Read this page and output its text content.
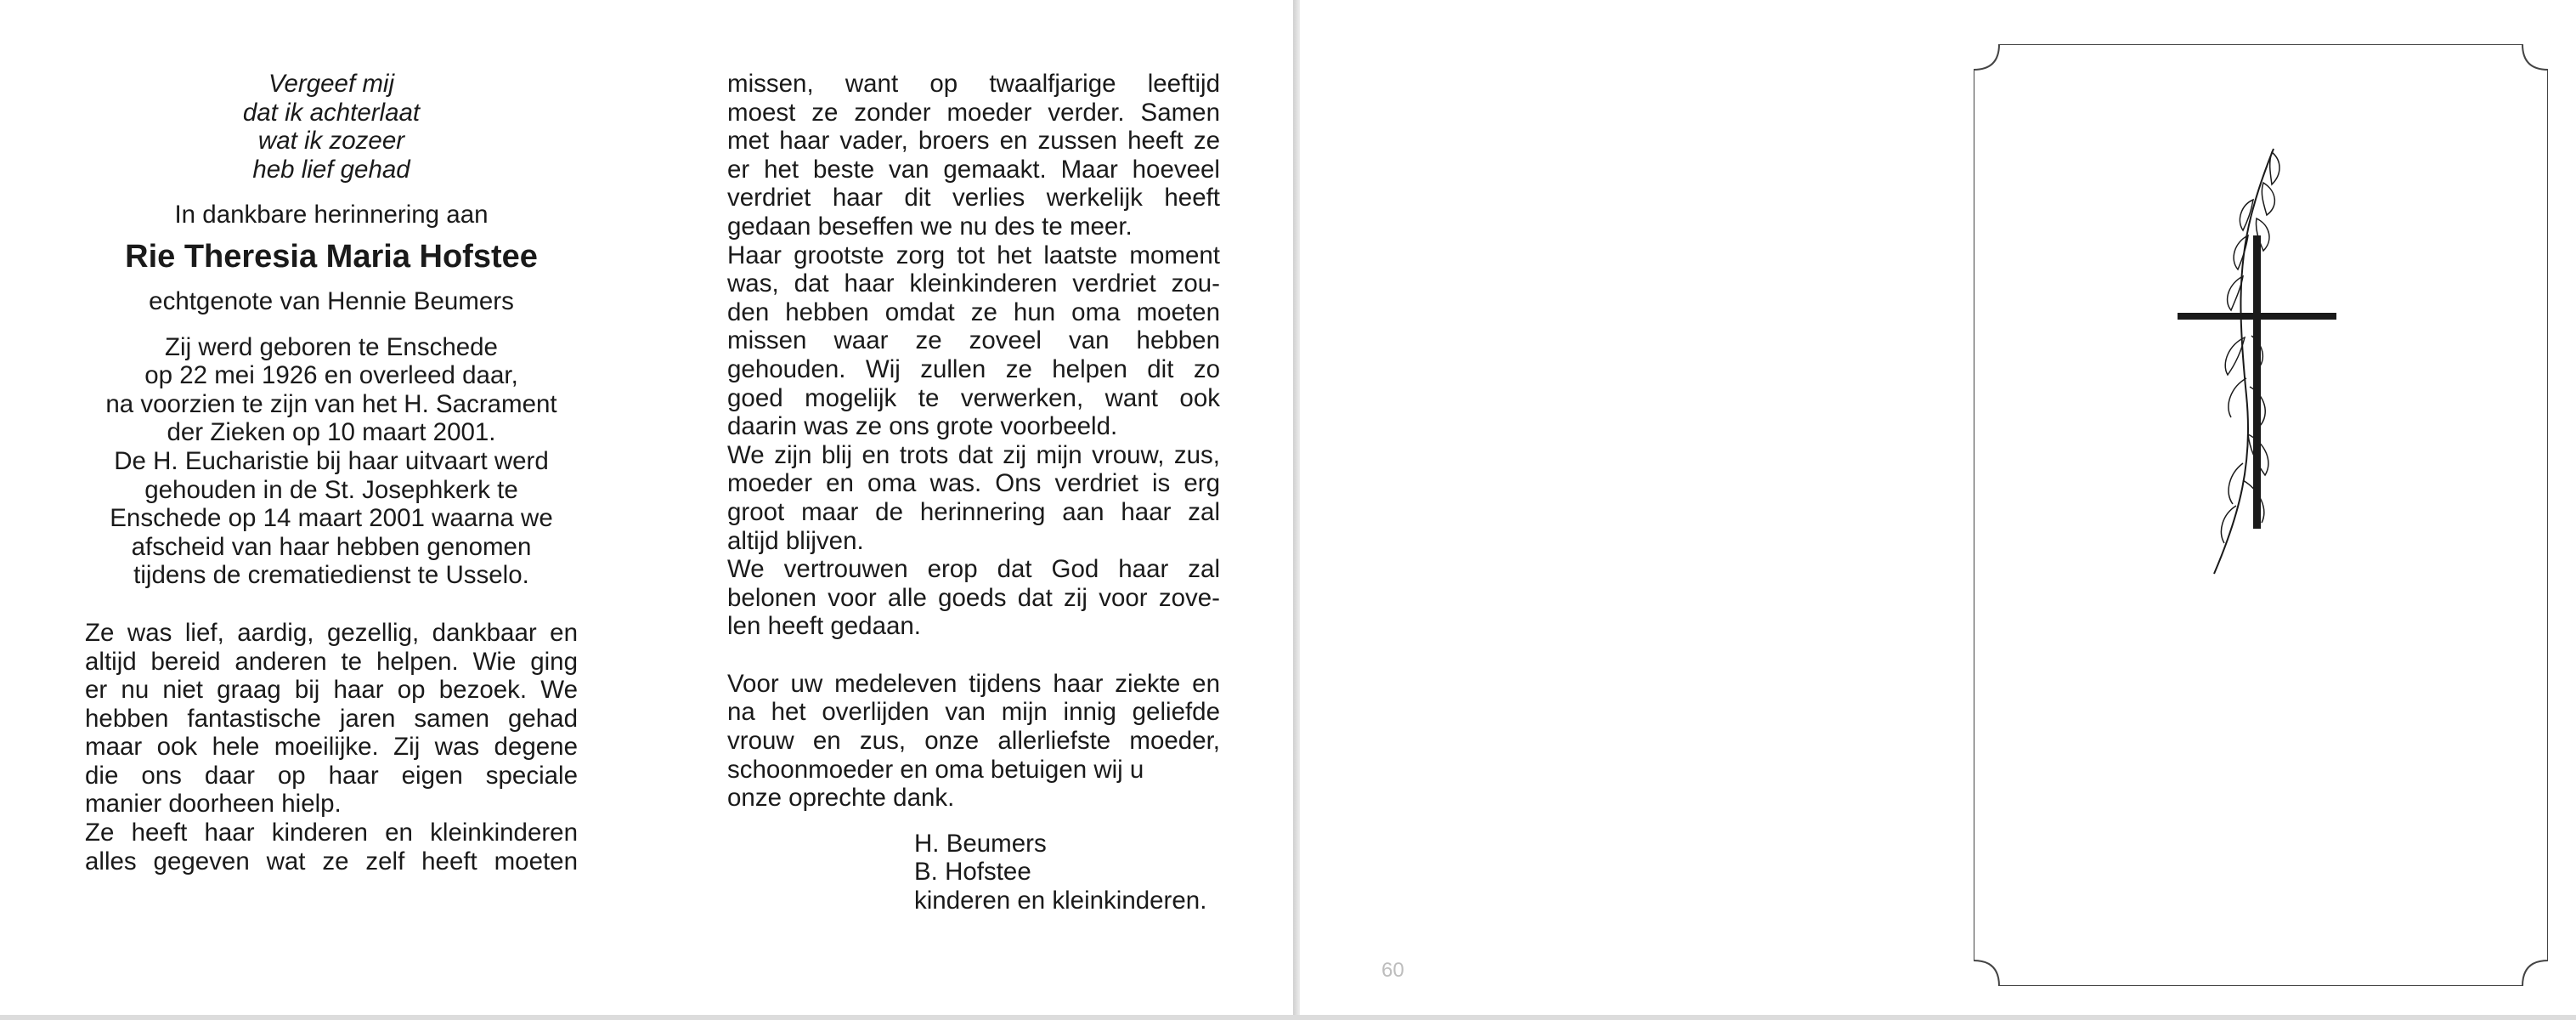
Vergeef mij
dat ik achterlaat
wat ik zozeer
heb lief gehad
In dankbare herinnering aan
Rie Theresia Maria Hofstee
echtgenote van Hennie Beumers
Zij werd geboren te Enschede
op 22 mei 1926 en overleed daar,
na voorzien te zijn van het H. Sacrament
der Zieken op 10 maart 2001.
De H. Eucharistie bij haar uitvaart werd
gehouden in de St. Josephkerk te
Enschede op 14 maart 2001 waarna we
afscheid van haar hebben genomen
tijdens de crematiedienst te Usselo.
Ze was lief, aardig, gezellig, dankbaar en
altijd bereid anderen te helpen. Wie ging
er nu niet graag bij haar op bezoek. We
hebben fantastische jaren samen gehad
maar ook hele moeilijke. Zij was degene
die ons daar op haar eigen speciale
manier doorheen hielp.
Ze heeft haar kinderen en kleinkinderen
alles gegeven wat ze zelf heeft moeten
missen, want op twaalfjarige leeftijd
moest ze zonder moeder verder. Samen
met haar vader, broers en zussen heeft ze
er het beste van gemaakt. Maar hoeveel
verdriet haar dit verlies werkelijk heeft
gedaan beseffen we nu des te meer.
Haar grootste zorg tot het laatste moment
was, dat haar kleinkinderen verdriet zou-
den hebben omdat ze hun oma moeten
missen waar ze zoveel van hebben
gehouden. Wij zullen ze helpen dit zo
goed mogelijk te verwerken, want ook
daarin was ze ons grote voorbeeld.
We zijn blij en trots dat zij mijn vrouw, zus,
moeder en oma was. Ons verdriet is erg
groot maar de herinnering aan haar zal
altijd blijven.
We vertrouwen erop dat God haar zal
belonen voor alle goeds dat zij voor zove-
len heeft gedaan.
Voor uw medeleven tijdens haar ziekte en
na het overlijden van mijn innig geliefde
vrouw en zus, onze allerliefste moeder,
schoonmoeder en oma betuigen wij u
onze oprechte dank.
H. Beumers
B. Hofstee
kinderen en kleinkinderen.
60
